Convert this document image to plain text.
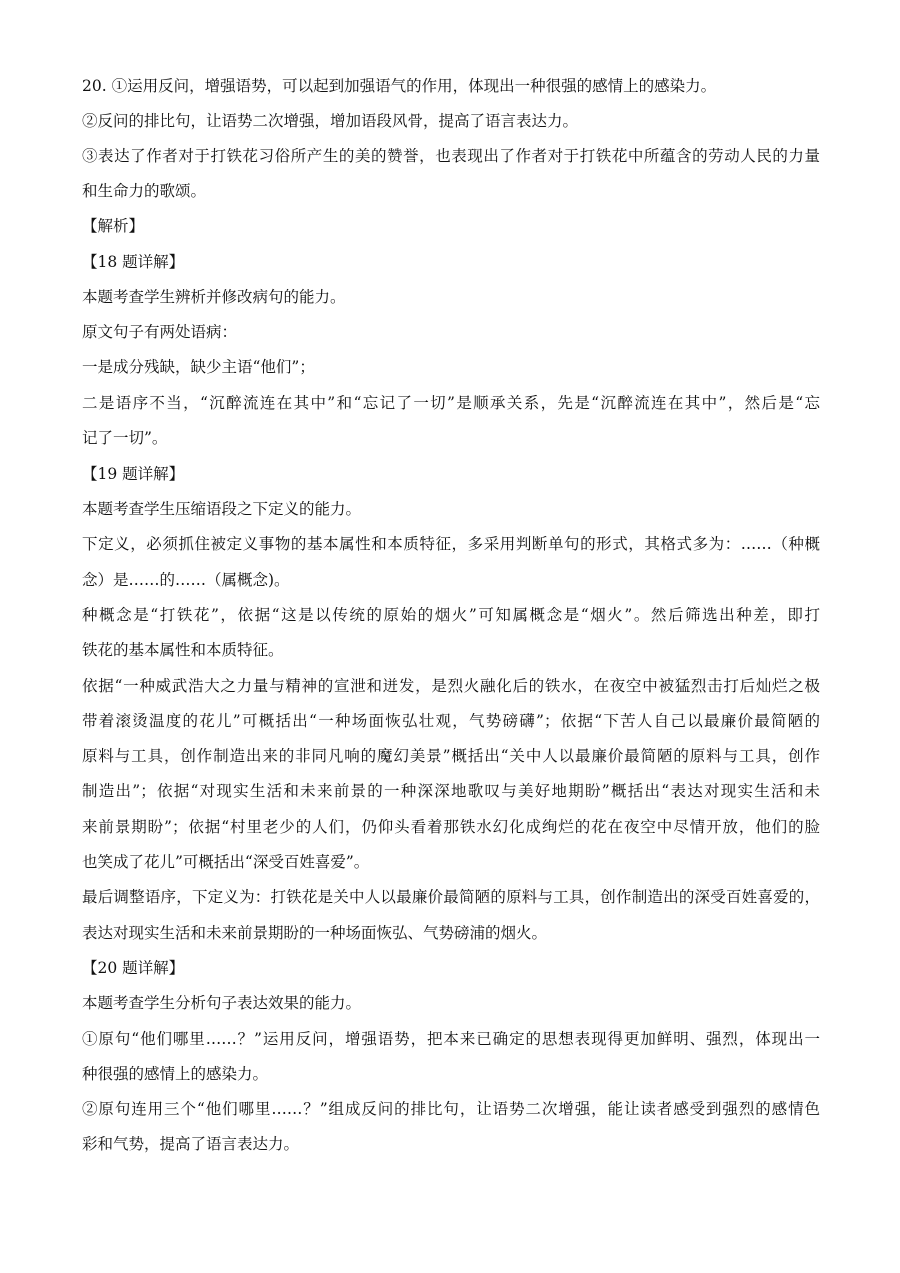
20. ①运用反问，增强语势，可以起到加强语气的作用，体现出一种很强的感情上的感染力。
②反问的排比句，让语势二次增强，增加语段风骨，提高了语言表达力。
③表达了作者对于打铁花习俗所产生的美的赞誉，也表现出了作者对于打铁花中所蕴含的劳动人民的力量
和生命力的歌颂。
【解析】
【18 题详解】
本题考查学生辨析并修改病句的能力。
原文句子有两处语病：
一是成分残缺，缺少主语“他们”；
二是语序不当，“沉醉流连在其中”和“忘记了一切”是顺承关系，先是“沉醉流连在其中”，然后是“忘
记了一切”。
【19 题详解】
本题考查学生压缩语段之下定义的能力。
下定义，必须抓住被定义事物的基本属性和本质特征，多采用判断单句的形式，其格式多为：……（种概
念）是……的……（属概念)。
种概念是“打铁花”，依据“这是以传统的原始的烟火”可知属概念是“烟火”。然后筛选出种差，即打
铁花的基本属性和本质特征。
依据“一种威武浩大之力量与精神的宣泄和迸发，是烈火融化后的铁水，在夜空中被猛烈击打后灿烂之极
带着滚烫温度的花儿”可概括出“一种场面恢弘壮观，气势磅礴”；依据“下苦人自己以最廉价最简陋的
原料与工具，创作制造出来的非同凡响的魔幻美景”概括出“关中人以最廉价最简陋的原料与工具，创作
制造出”；依据“对现实生活和未来前景的一种深深地歌叹与美好地期盼”概括出“表达对现实生活和未
来前景期盼”；依据“村里老少的人们，仍仰头看着那铁水幻化成绚烂的花在夜空中尽情开放，他们的脸
也笑成了花儿”可概括出“深受百姓喜爱”。
最后调整语序，下定义为：打铁花是关中人以最廉价最简陋的原料与工具，创作制造出的深受百姓喜爱的，
表达对现实生活和未来前景期盼的一种场面恢弘、气势磅浦的烟火。
【20 题详解】
本题考查学生分析句子表达效果的能力。
①原句“他们哪里……？”运用反问，增强语势，把本来已确定的思想表现得更加鲜明、强烈，体现出一
种很强的感情上的感染力。
②原句连用三个“他们哪里……？”组成反问的排比句，让语势二次增强，能让读者感受到强烈的感情色
彩和气势，提高了语言表达力。
